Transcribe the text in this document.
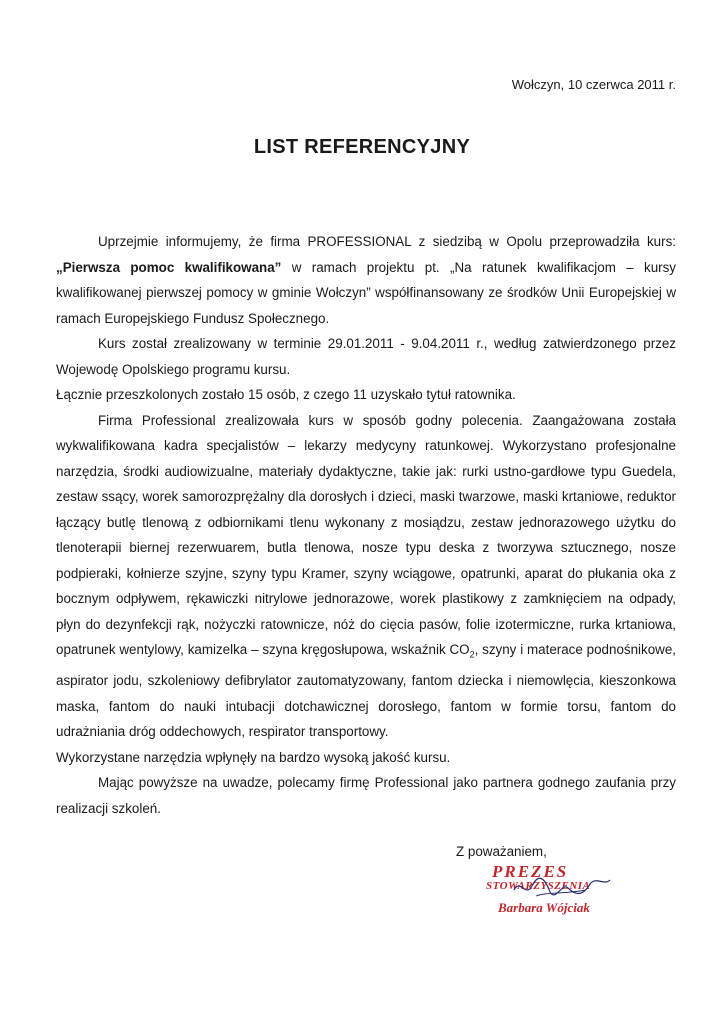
Wołczyn, 10 czerwca 2011 r.
LIST REFERENCYJNY

Uprzejmie informujemy, że firma PROFESSIONAL z siedzibą w Opolu przeprowadziła kurs: „Pierwsza pomoc kwalifikowana” w ramach projektu pt. „Na ratunek kwalifikacjom – kursy kwalifikowanej pierwszej pomocy w gminie Wołczyn” współfinansowany ze środków Unii Europejskiej w ramach Europejskiego Fundusz Społecznego.

Kurs został zrealizowany w terminie 29.01.2011 - 9.04.2011 r., według zatwierdzonego przez Wojewodę Opolskiego programu kursu.

Łącznie przeszkolonych zostało 15 osób, z czego 11 uzyskało tytuł ratownika.

Firma Professional zrealizowała kurs w sposób godny polecenia. Zaangażowana została wykwalifikowana kadra specjalistów – lekarzy medycyny ratunkowej. Wykorzystano profesjonalne narzędzia, środki audiowizualne, materiały dydaktyczne, takie jak: rurki ustno-gardłowe typu Guedela, zestaw ssący, worek samorozprężalny dla dorosłych i dzieci, maski twarzowe, maski krtaniowe, reduktor łączący butlę tlenową z odbiornikami tlenu wykonany z mosiądzu, zestaw jednorazowego użytku do tlenoterapii biernej rezerwuarem, butla tlenowa, nosze typu deska z tworzywa sztucznego, nosze podpieraki, kołnierze szyjne, szyny typu Kramer, szyny wciągowe, opatrunki, aparat do płukania oka z bocznym odpływem, rękawiczki nitrylowe jednorazowe, worek plastikowy z zamknięciem na odpady, płyn do dezynfekcji rąk, nożyczki ratownicze, nóż do cięcia pasów, folie izotermiczne, rurka krtaniowa, opatrunek wentylowy, kamizelka – szyna kręgosłupowa, wskaźnik $CO_2$, szyny i materace podnośnikowe, aspirator jodu, szkoleniowy defibrylator zautomatyzowany, fantom dziecka i niemowlęcia, kieszonkowa maska, fantom do nauki intubacji dotchawicznej dorosłego, fantom w formie torsu, fantom do udrażniania dróg oddechowych, respirator transportowy.

Wykorzystane narzędzia wpłynęły na bardzo wysoką jakość kursu.

Mając powyższe na uwadze, polecamy firmę Professional jako partnera godnego zaufania przy realizacji szkoleń.

Z poważaniem,
PREZES
STOWARZYSZENIA
Barbara Wójciak
